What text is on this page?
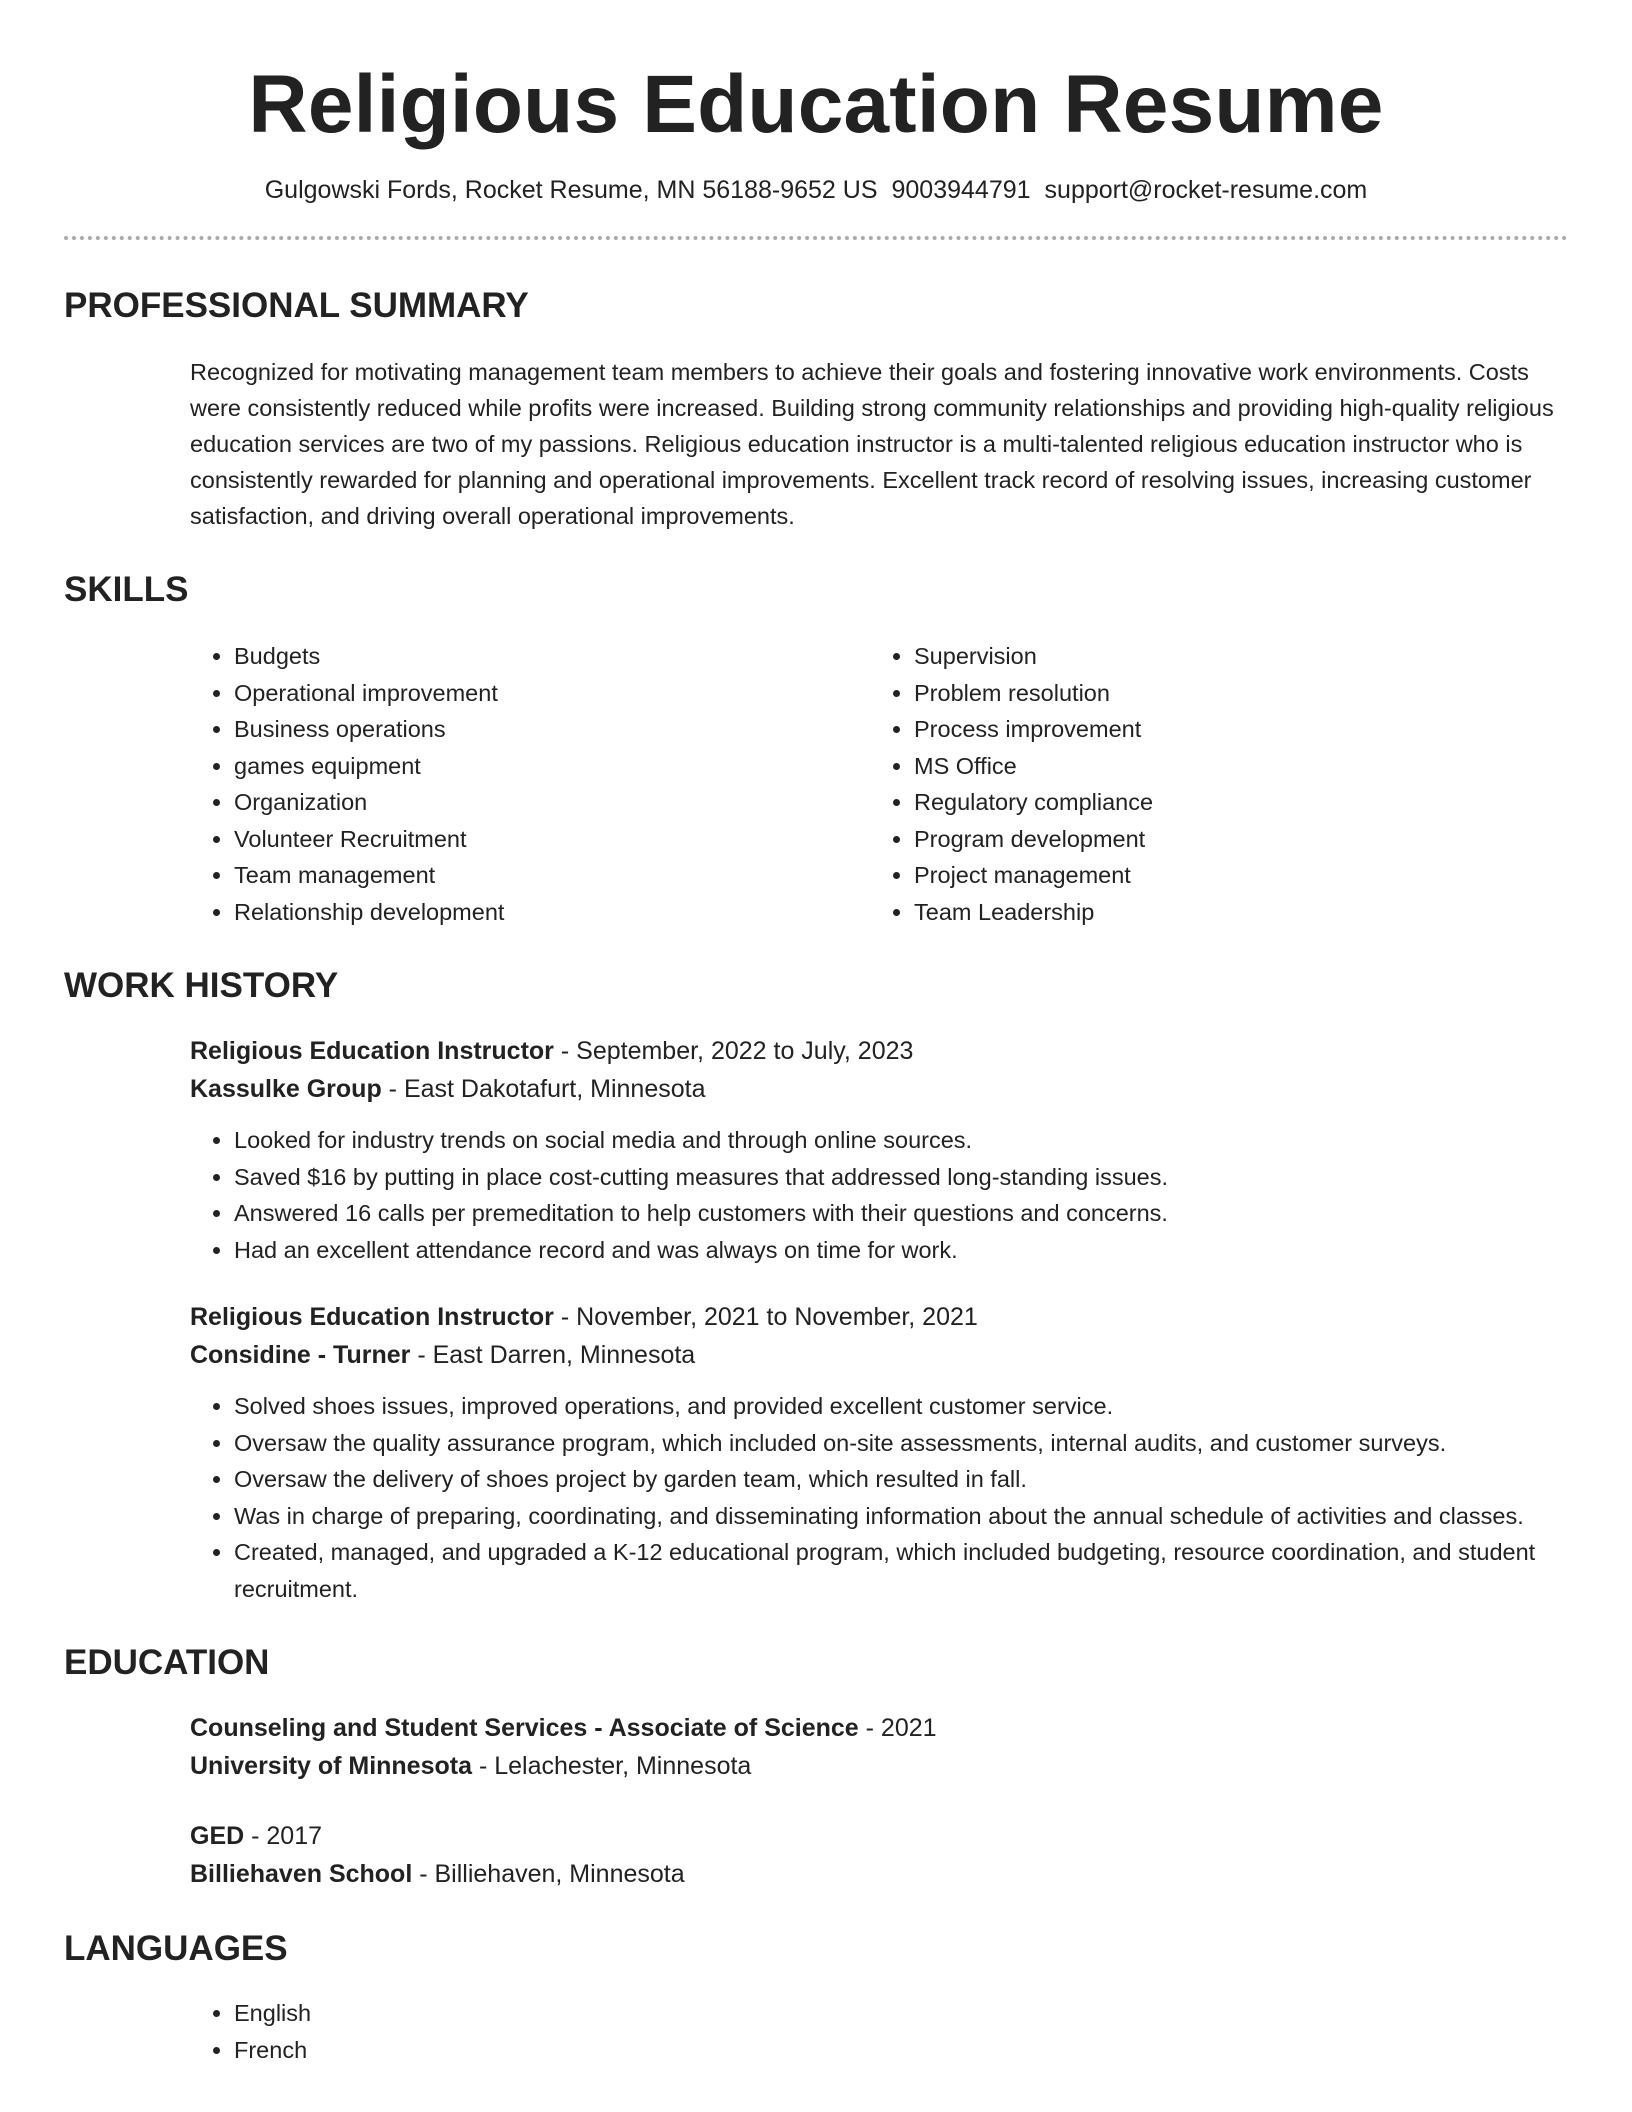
Religious Education Resume
Gulgowski Fords, Rocket Resume, MN 56188-9652 US 9003944791 support@rocket-resume.com
PROFESSIONAL SUMMARY

Recognized for motivating management team members to achieve their goals and fostering innovative work environments. Costs were consistently reduced while profits were increased. Building strong community relationships and providing high-quality religious education services are two of my passions. Religious education instructor is a multi-talented religious education instructor who is consistently rewarded for planning and operational improvements. Excellent track record of resolving issues, increasing customer satisfaction, and driving overall operational improvements.

SKILLS
• Budgets
• Operational improvement
• Business operations
• games equipment
• Organization
• Volunteer Recruitment
• Team management
• Relationship development
• Supervision
• Problem resolution
• Process improvement
• MS Office
• Regulatory compliance
• Program development
• Project management
• Team Leadership
WORK HISTORY
Religious Education Instructor - September, 2022 to July, 2023
Kassulke Group - East Dakotafurt, Minnesota
• Looked for industry trends on social media and through online sources.
• Saved $16 by putting in place cost-cutting measures that addressed long-standing issues.
• Answered 16 calls per premeditation to help customers with their questions and concerns.
• Had an excellent attendance record and was always on time for work.
Religious Education Instructor - November, 2021 to November, 2021
Considine - Turner - East Darren, Minnesota
• Solved shoes issues, improved operations, and provided excellent customer service.
• Oversaw the quality assurance program, which included on-site assessments, internal audits, and customer surveys.
• Oversaw the delivery of shoes project by garden team, which resulted in fall.
• Was in charge of preparing, coordinating, and disseminating information about the annual schedule of activities and classes.
• Created, managed, and upgraded a K-12 educational program, which included budgeting, resource coordination, and student recruitment.
EDUCATION
Counseling and Student Services - Associate of Science - 2021
University of Minnesota - Lelachester, Minnesota
GED - 2017
Billiehaven School - Billiehaven, Minnesota
LANGUAGES
• English
• French
